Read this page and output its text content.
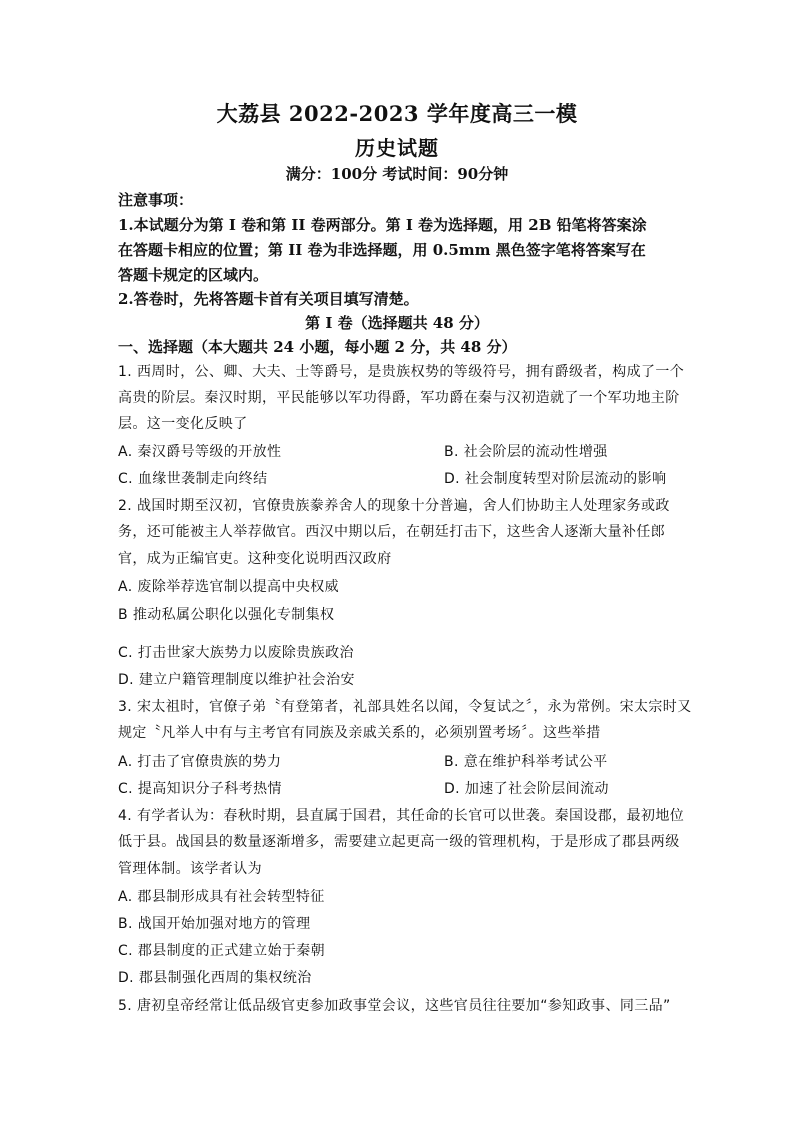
大荔县 2022-2023 学年度高三一模
历史试题
满分：100分 考试时间：90分钟
注意事项：
1.本试题分为第 I 卷和第 II 卷两部分。第 I 卷为选择题，用 2B 铅笔将答案涂
在答题卡相应的位置；第 II 卷为非选择题，用 0.5mm 黑色签字笔将答案写在
答题卡规定的区域内。
2.答卷时，先将答题卡首有关项目填写清楚。
第 I 卷（选择题共 48 分）
一、选择题（本大题共 24 小题，每小题 2 分，共 48 分）
1. 西周时，公、卿、大夫、士等爵号，是贵族权势的等级符号，拥有爵级者，构成了一个
高贵的阶层。秦汉时期，平民能够以军功得爵，军功爵在秦与汉初造就了一个军功地主阶
层。这一变化反映了
A. 秦汉爵号等级的开放性	B. 社会阶层的流动性增强
C. 血缘世袭制走向终结	D. 社会制度转型对阶层流动的影响
2. 战国时期至汉初，官僚贵族豢养舍人的现象十分普遍，舍人们协助主人处理家务或政
务，还可能被主人举荐做官。西汉中期以后，在朝廷打击下，这些舍人逐渐大量补任郎
官，成为正编官吏。这种变化说明西汉政府
A. 废除举荐选官制以提高中央权威
B 推动私属公职化以强化专制集权
C. 打击世家大族势力以废除贵族政治
D. 建立户籍管理制度以维护社会治安
3. 宋太祖时，官僚子弟〝有登第者，礼部具姓名以闻，令复试之〞，永为常例。宋太宗时又
规定〝凡举人中有与主考官有同族及亲戚关系的，必须别置考场〞。这些举措
A. 打击了官僚贵族的势力	B. 意在维护科举考试公平
C. 提高知识分子科考热情	D. 加速了社会阶层间流动
4. 有学者认为：春秋时期，县直属于国君，其任命的长官可以世袭。秦国设郡，最初地位
低于县。战国县的数量逐渐增多，需要建立起更高一级的管理机构，于是形成了郡县两级
管理体制。该学者认为
A. 郡县制形成具有社会转型特征
B. 战国开始加强对地方的管理
C. 郡县制度的正式建立始于秦朝
D. 郡县制强化西周的集权统治
5. 唐初皇帝经常让低品级官吏参加政事堂会议，这些官员往往要加“参知政事、同三品”
